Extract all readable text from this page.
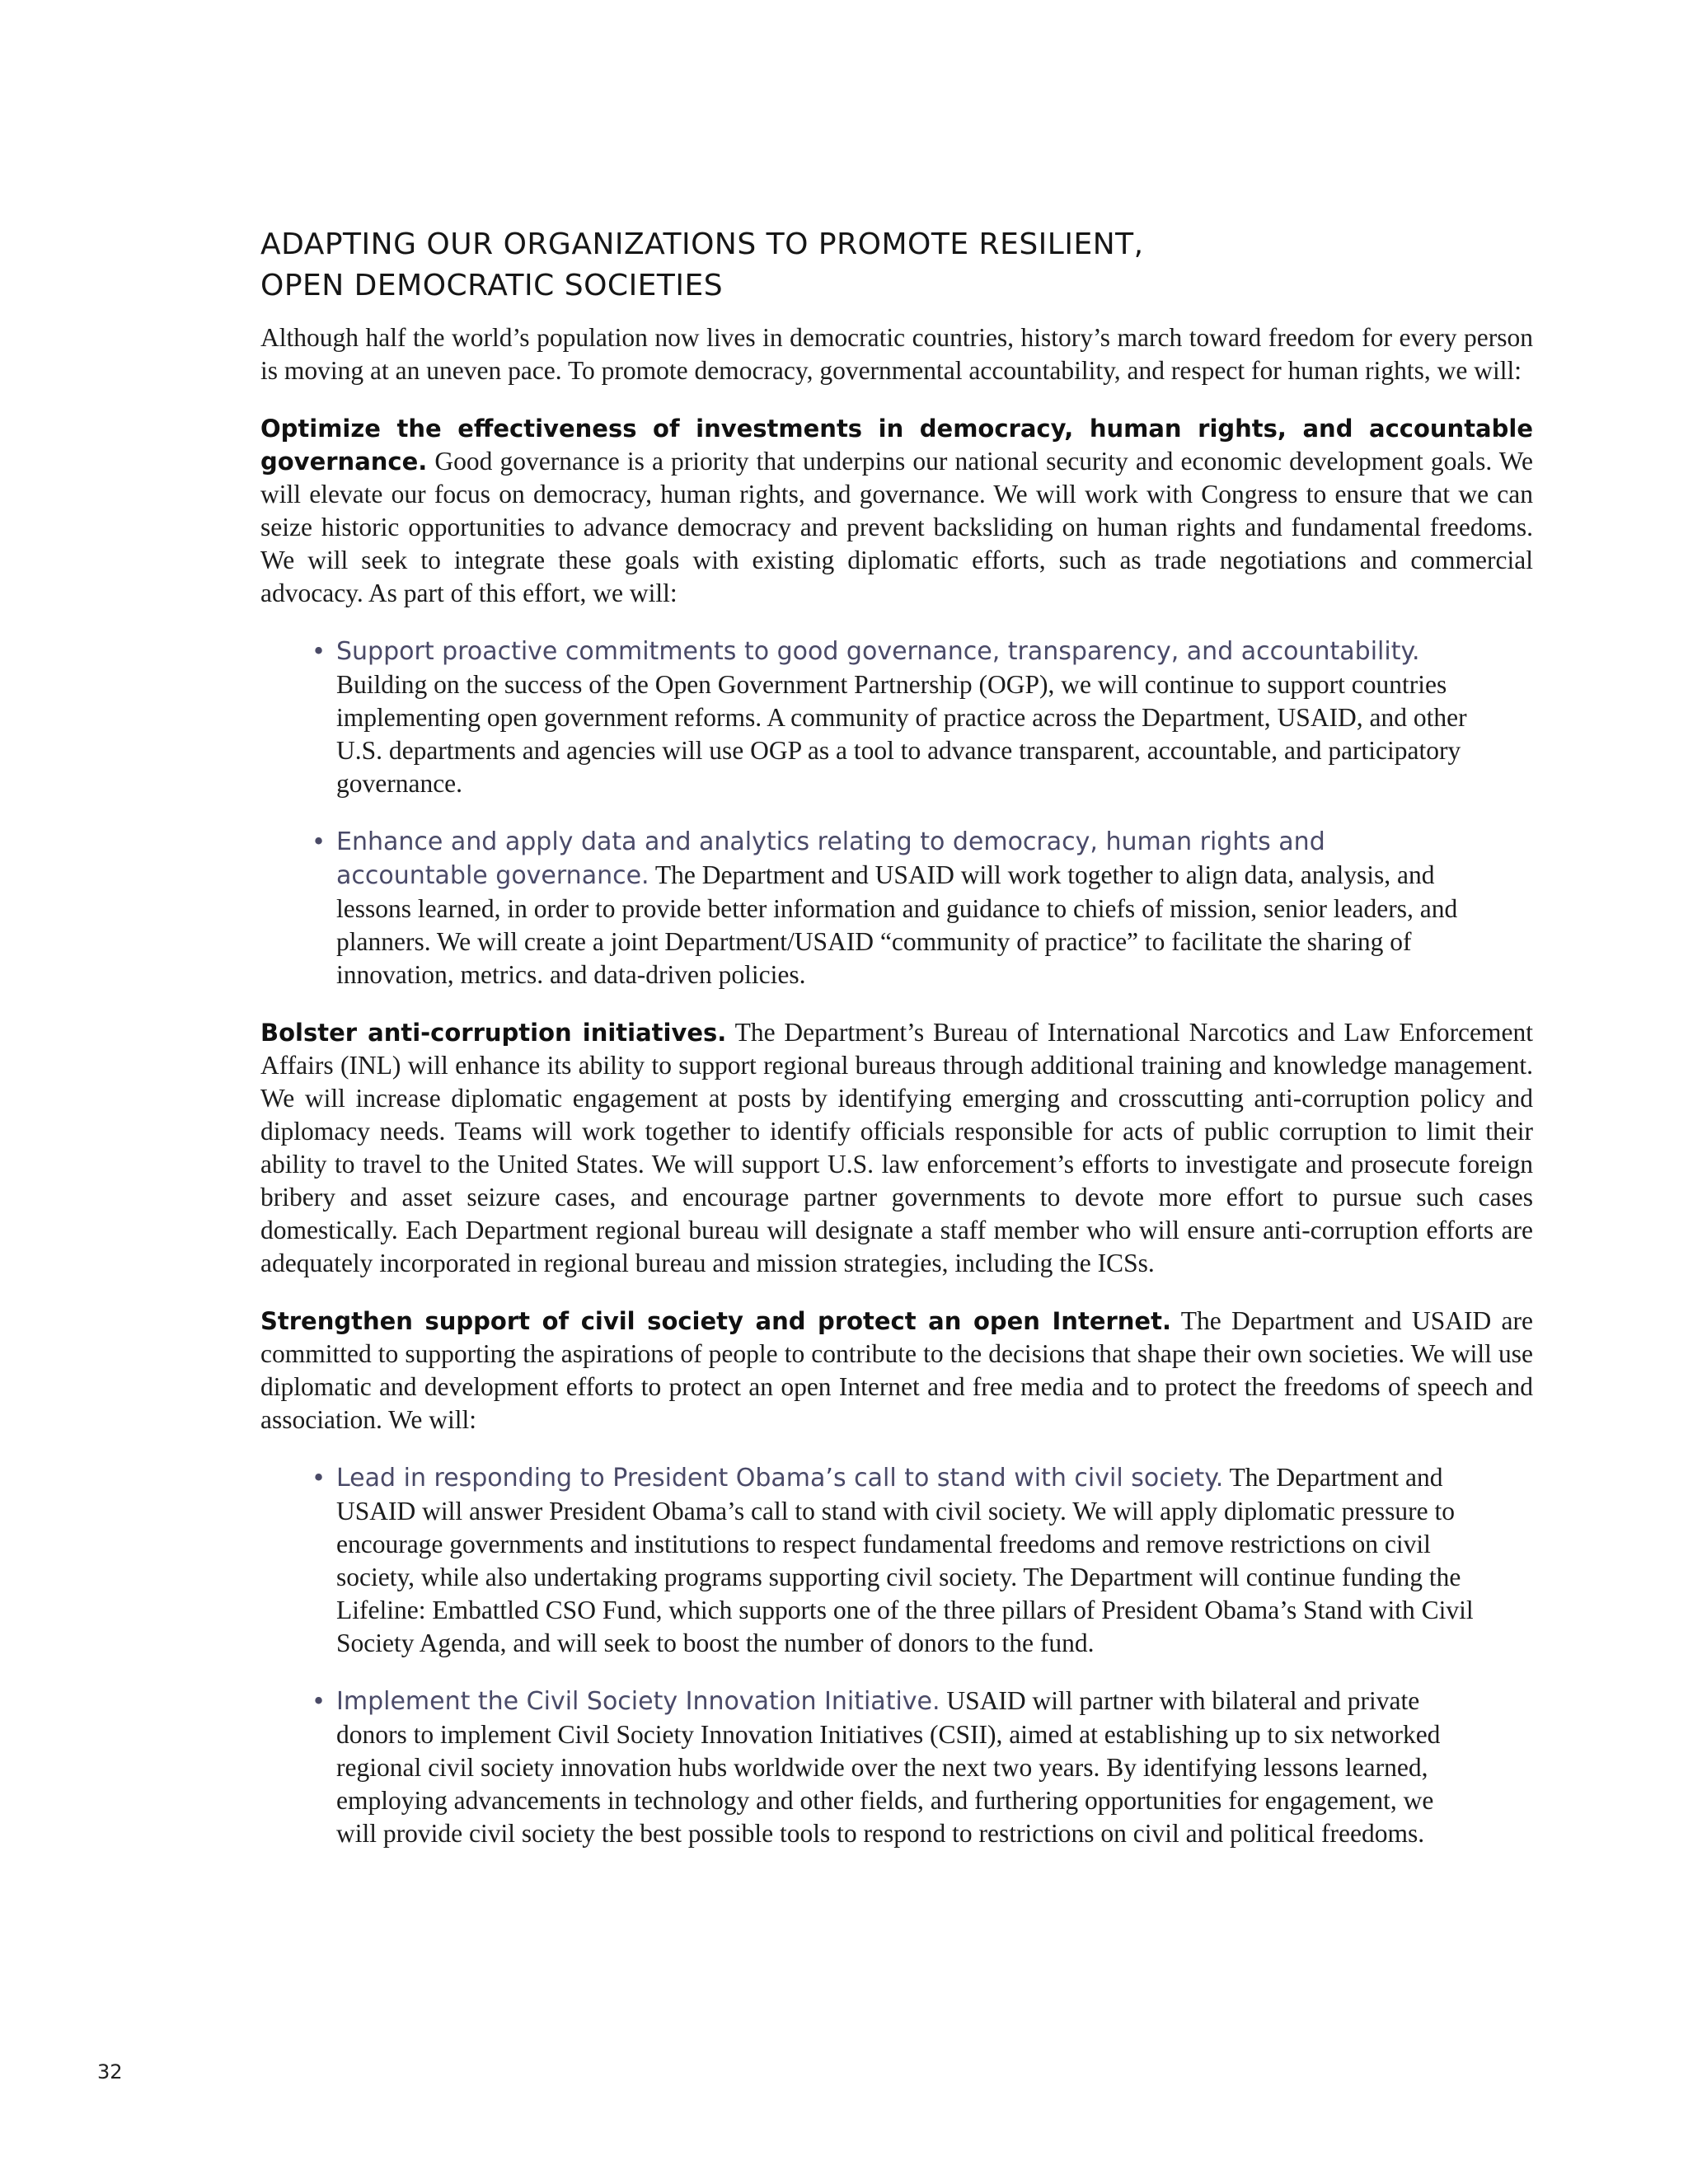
ADAPTING OUR ORGANIZATIONS TO PROMOTE RESILIENT,
OPEN DEMOCRATIC SOCIETIES

Although half the world’s population now lives in democratic countries, history’s march toward freedom for every person is moving at an uneven pace. To promote democracy, governmental accountability, and respect for human rights, we will:

Optimize the effectiveness of investments in democracy, human rights, and accountable governance. Good governance is a priority that underpins our national security and economic development goals. We will elevate our focus on democracy, human rights, and governance. We will work with Congress to ensure that we can seize historic opportunities to advance democracy and prevent backsliding on human rights and fundamental freedoms. We will seek to integrate these goals with existing diplomatic efforts, such as trade negotiations and commercial advocacy. As part of this effort, we will:

• Support proactive commitments to good governance, transparency, and accountability. Building on the success of the Open Government Partnership (OGP), we will continue to support countries implementing open government reforms. A community of practice across the Department, USAID, and other U.S. departments and agencies will use OGP as a tool to advance transparent, accountable, and participatory governance.
• Enhance and apply data and analytics relating to democracy, human rights and accountable governance. The Department and USAID will work together to align data, analysis, and lessons learned, in order to provide better information and guidance to chiefs of mission, senior leaders, and planners. We will create a joint Department/USAID “community of practice” to facilitate the sharing of innovation, metrics. and data-driven policies.

Bolster anti-corruption initiatives. The Department’s Bureau of International Narcotics and Law Enforcement Affairs (INL) will enhance its ability to support regional bureaus through additional training and knowledge management. We will increase diplomatic engagement at posts by identifying emerging and crosscutting anti-corruption policy and diplomacy needs. Teams will work together to identify officials responsible for acts of public corruption to limit their ability to travel to the United States. We will support U.S. law enforcement’s efforts to investigate and prosecute foreign bribery and asset seizure cases, and encourage partner governments to devote more effort to pursue such cases domestically. Each Department regional bureau will designate a staff member who will ensure anti-corruption efforts are adequately incorporated in regional bureau and mission strategies, including the ICSs.

Strengthen support of civil society and protect an open Internet. The Department and USAID are committed to supporting the aspirations of people to contribute to the decisions that shape their own societies. We will use diplomatic and development efforts to protect an open Internet and free media and to protect the freedoms of speech and association. We will:

• Lead in responding to President Obama’s call to stand with civil society. The Department and USAID will answer President Obama’s call to stand with civil society. We will apply diplomatic pressure to encourage governments and institutions to respect fundamental freedoms and remove restrictions on civil society, while also undertaking programs supporting civil society. The Department will continue funding the Lifeline: Embattled CSO Fund, which supports one of the three pillars of President Obama’s Stand with Civil Society Agenda, and will seek to boost the number of donors to the fund.
• Implement the Civil Society Innovation Initiative. USAID will partner with bilateral and private donors to implement Civil Society Innovation Initiatives (CSII), aimed at establishing up to six networked regional civil society innovation hubs worldwide over the next two years. By identifying lessons learned, employing advancements in technology and other fields, and furthering opportunities for engagement, we will provide civil society the best possible tools to respond to restrictions on civil and political freedoms.
32
